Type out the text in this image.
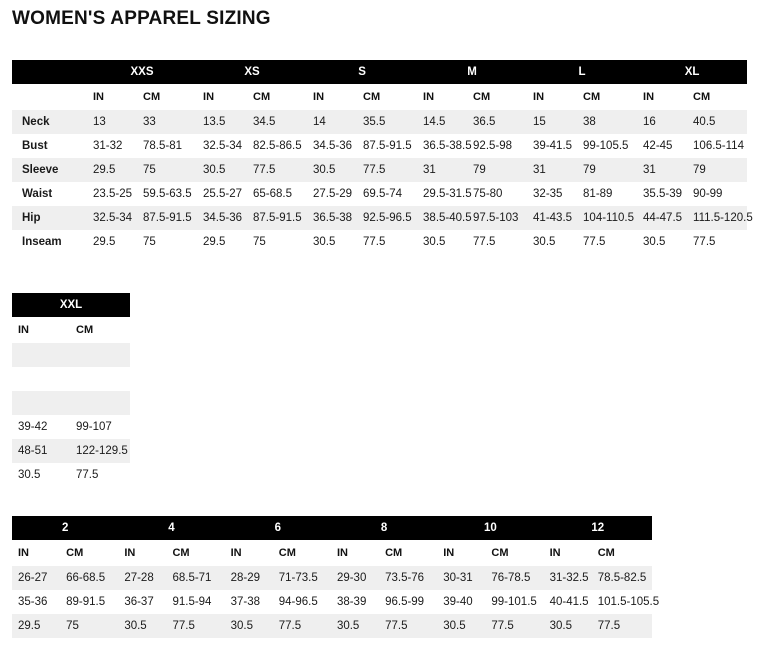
WOMEN'S APPAREL SIZING
	XXS		XS		S		M		L		XL	
	IN	CM	IN	CM	IN	CM	IN	CM	IN	CM	IN	CM
Neck	13	33	13.5	34.5	14	35.5	14.5	36.5	15	38	16	40.5
Bust	31-32	78.5-81	32.5-34	82.5-86.5	34.5-36	87.5-91.5	36.5-38.5	92.5-98	39-41.5	99-105.5	42-45	106.5-114
Sleeve	29.5	75	30.5	77.5	30.5	77.5	31	79	31	79	31	79
Waist	23.5-25	59.5-63.5	25.5-27	65-68.5	27.5-29	69.5-74	29.5-31.5	75-80	32-35	81-89	35.5-39	90-99
Hip	32.5-34	87.5-91.5	34.5-36	87.5-91.5	36.5-38	92.5-96.5	38.5-40.5	97.5-103	41-43.5	104-110.5	44-47.5	111.5-120.5
Inseam	29.5	75	29.5	75	30.5	77.5	30.5	77.5	30.5	77.5	30.5	77.5
XXL	
IN	CM

39-42	99-107
48-51	122-129.5
30.5	77.5
2		4		6		8		10		12	
IN	CM	IN	CM	IN	CM	IN	CM	IN	CM	IN	CM
26-27	66-68.5	27-28	68.5-71	28-29	71-73.5	29-30	73.5-76	30-31	76-78.5	31-32.5	78.5-82.5
35-36	89-91.5	36-37	91.5-94	37-38	94-96.5	38-39	96.5-99	39-40	99-101.5	40-41.5	101.5-105.5
29.5	75	30.5	77.5	30.5	77.5	30.5	77.5	30.5	77.5	30.5	77.5
